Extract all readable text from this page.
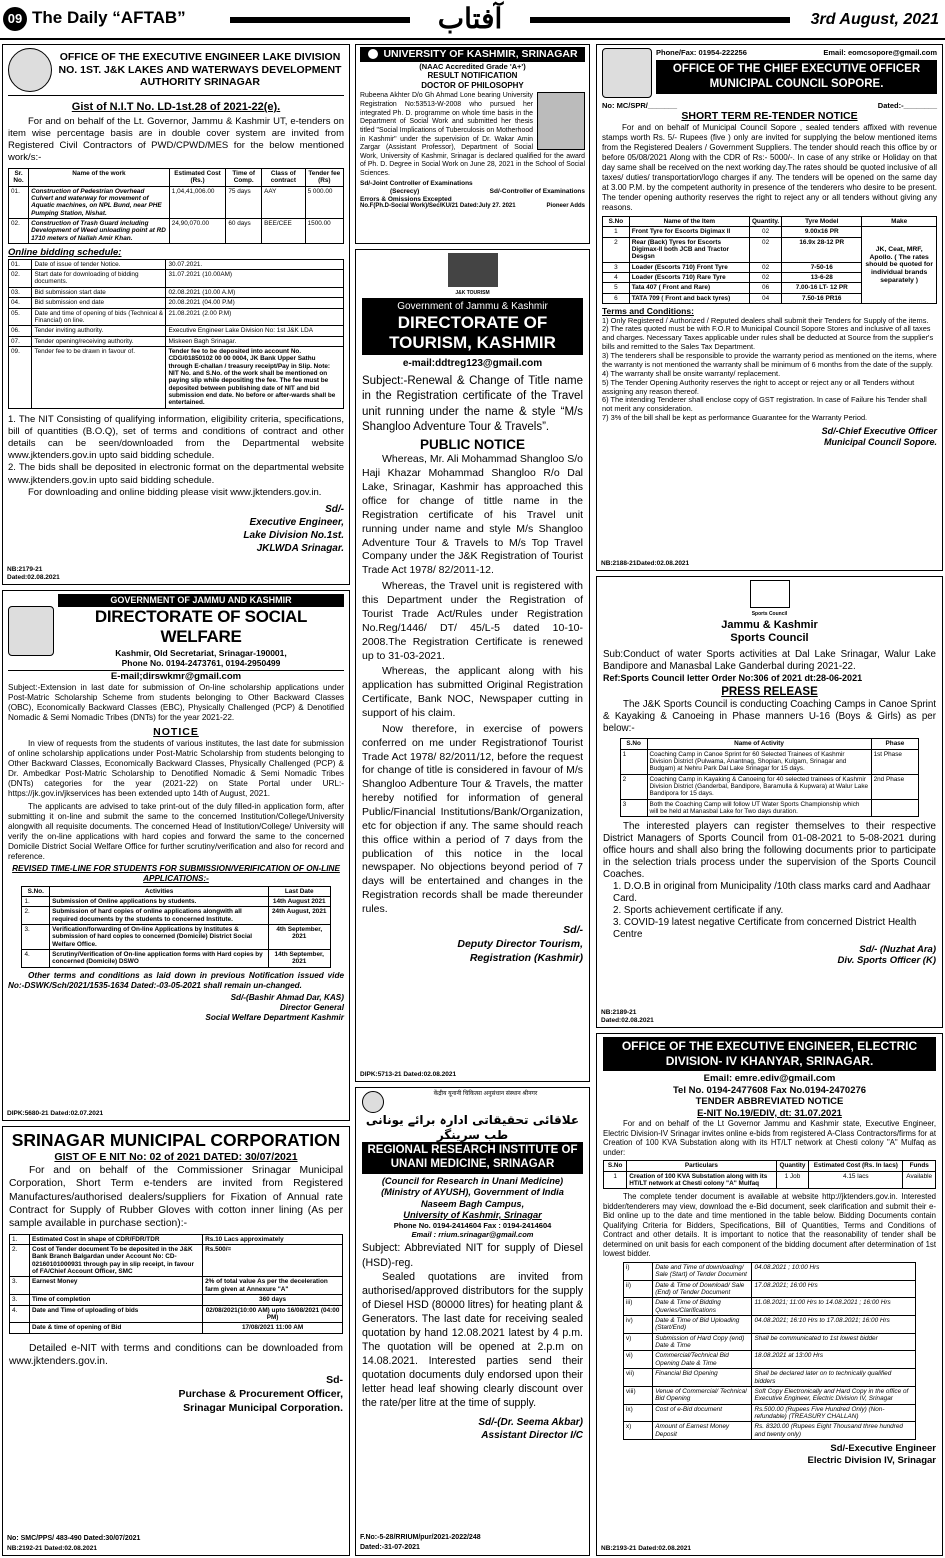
09 The Daily “AFTAB”	آفتاب	3rd August, 2021
OFFICE OF THE EXECUTIVE ENGINEER LAKE DIVISION NO. 1ST. J&K LAKES AND WATERWAYS DEVELOPMENT AUTHORITY SRINAGAR
Gist of N.I.T No. LD-1st.28 of 2021-22(e).
For and on behalf of the Lt. Governor, Jammu & Kashmir UT, e-tenders on item wise percentage basis are in double cover system are invited from Registered Civil Contractors of PWD/CPWD/MES for the below mentioned work/s:-
Sr. No.	Name of the work	Estimated Cost (Rs.)	Time of Comp.	Class of contract	Tender fee (Rs)
01.	Construction of Pedestrian Overhead Culvert and waterway for movement of Aquatic machines, on NPL Bund, near PHE Pumping Station, Nishat.	1,04,41,006.00	75 days	AAY	5 000.00
02.	Construction of Trash Guard including Development of Weed unloading point at RD 1710 meters of Nallah Amir Khan.	24,90,070.00	60 days	BEE/CEE	1500.00
Online bidding schedule:
01.	Date of issue of tender Notice.	30.07.2021.
02.	Start date for downloading of bidding documents.	31.07.2021 (10.00AM)
03.	Bid submission start date	02.08.2021 (10.00 A.M)
04.	Bid submission end date	20.08.2021 (04.00 P.M)
05.	Date and time of opening of bids (Technical & Financial) on line.	21.08.2021 (2.00 P.M)
06.	Tender inviting authority.	Executive Engineer Lake Division No: 1st J&K LDA
07.	Tender opening/receiving authority.	Miskeen Bagh Srinagar.
09.	Tender fee to be drawn in favour of.	Tender fee to be deposited into account No. CDG/01850102 00 00 0004, JK Bank Upper Sathu through E-challan / treasury receipt/Pay in Slip. Note: NIT No. and S.No. of the work shall be mentioned on paying slip while depositing the fee. The fee must be deposited between publishing date of NIT and bid submission end date. No before or after-wards shall be entertained.
1. The NIT Consisting of qualifying information, eligibility criteria, specifications, bill of quantities (B.O.Q), set of terms and conditions of contract and other details can be seen/downloaded from the Departmental website www.jktenders.gov.in upto said bidding schedule.
2. The bids shall be deposited in electronic format on the departmental website www.jktenders.gov.in upto said bidding schedule.
For downloading and online bidding please visit www.jktenders.gov.in.
Sd/-
Executive Engineer,
Lake Division No.1st.
JKLWDA Srinagar.
NB:2179-21
Dated:02.08.2021
UNIVERSITY OF KASHMIR, SRINAGAR
(NAAC Accredited Grade 'A+')
RESULT NOTIFICATION
DOCTOR OF PHILOSOPHY
Rubeena Akhter D/o Gh Ahmad Lone bearing University Registration No:53513-W-2008 who pursued her integrated Ph. D. programme on whole time basis in the Department of Social Work and submitted her thesis titled "Social Implications of Tuberculosis on Motherhood in Kashmir" under the supervision of Dr. Wakar Amin Zargar (Assistant Professor), Department of Social Work, University of Kashmir, Srinagar is declared qualified for the award of Ph. D. Degree in Social Work on June 28, 2021 in the School of Social Sciences.
Sd/-Joint Controller of Examinations
(Secrecy)	Sd/-Controller of Examinations
Errors & Omissions Excepted
No.F(Ph.D-Social Work)/Sec/KU/21 Dated:July 27. 2021	Pioneer Adds
Phone/Fax: 01954-222256	Email: eomcsopore@gmail.com
OFFICE OF THE CHIEF EXECUTIVE OFFICER MUNICIPAL COUNCIL SOPORE.
No: MC/SPR/_______	Dated:-________
SHORT TERM RE-TENDER NOTICE
For and on behalf of Municipal Council Sopore , sealed tenders affixed with revenue stamps worth Rs. 5/- Rupees (five ) only are invited for supplying the below mentioned items from the Registered Dealers / Government Suppliers. The tender should reach this office by or before 05/08/2021 Along with the CDR of Rs:- 5000/-. In case of any strike or Holiday on that day same shall be received on the next working day.The rates should be quoted inclusive of all taxes/ duties/ transportation/logo charges if any. The tenders will be opened on the same day at 3.00 P.M. by the competent authority in presence of the tenderers who desire to be present. The tender opening authority reserves the right to reject any or all tenders without giving any reasons.
S.No	Name of the Item	Quantity.	Tyre Model	Make
1	Front Tyre for Escorts Digimax II	02	9.00x16 PR	JK, Ceat, MRF, Apollo. ( The rates should be quoted for individual brands separately )
2	Rear (Back) Tyres for Escorts Digimax-II both JCB and Tractor Desgsn	02	16.9x 28-12 PR	
3	Loader (Escorts 710) Front Tyre	02	7-50-16	
4	Loader (Escorts 710) Rare Tyre	02	13-6-28	
5	Tata 407 ( Front and Rare)	06	7.00-16 LT- 12 PR	
6	TATA 709 ( Front and back tyres)	04	7.50-16 PR16	
Terms and Conditions:
1) Only Registered / Authorized / Reputed dealers shall submit their Tenders for Supply of the items.
2) The rates quoted must be with F.O.R to Municipal Council Sopore Stores and inclusive of all taxes and charges. Necessary Taxes applicable under rules shall be deducted at Source from the supplier's bills and remitted to the Sales Tax Department.
3) The tenderers shall be responsible to provide the warranty period as mentioned on the items, where the warranty is not mentioned the warranty shall be minimum of 6 months from the date of the supply.
4) The warranty shall be onsite warranty/ replacement.
5) The Tender Opening Authority reserves the right to accept or reject any or all Tenders without assigning any reason thereof.
6) The intending Tenderer shall enclose copy of GST registration. In case of Failure his Tender shall not merit any consideration.
7) 3% of the bill shall be kept as performance Guarantee for the Warranty Period.
Sd/-Chief Executive Officer
Municipal Council Sopore.
NB:2188-21Dated:02.08.2021
J&K TOURISM
Government of Jammu & Kashmir
DIRECTORATE OF TOURISM, KASHMIR
e-mail:ddtreg123@gmail.com
Subject:-Renewal & Change of Title name in the Registration certificate of the Travel unit running under the name & style “M/s Shangloo Adventure Tour & Travels”.
PUBLIC NOTICE
Whereas, Mr. Ali Mohammad Shangloo S/o Haji Khazar Mohammad Shangloo R/o Dal Lake, Srinagar, Kashmir has approached this office for change of tittle name in the Registration certificate of his Travel unit running under name and style M/s Shangloo Adventure Tour & Travels to M/s Top Travel Company under the J&K Registration of Tourist Trade Act 1978/ 82/2011-12.
Whereas, the Travel unit is registered with this Department under the Registration of Tourist Trade Act/Rules under Registration No.Reg/1446/ DT/ 45/L-5 dated 10-10-2008.The Registration Certificate is renewed up to 31-03-2021.
Whereas, the applicant along with his application has submitted Original Registration Certificate, Bank NOC, Newspaper cutting in support of his claim.
Now therefore, in exercise of powers conferred on me under Registrationof Tourist Trade Act 1978/ 82/2011/12, before the request for change of title is considered in favour of M/s Shangloo Adbenture Tour & Travels, the matter hereby notified for information of general Public/Financial Institutions/Bank/Organization, etc for objection if any. The same should reach this office within a period of 7 days from the publication of this notice in the local newspaper. No objections beyond period of 7 days will be entertained and changes in the Registration records shall be made thereunder rules.
Sd/-
Deputy Director Tourism,
Registration (Kashmir)
DIPK:5713-21 Dated:02.08.2021
GOVERNMENT OF JAMMU AND KASHMIR
DIRECTORATE OF SOCIAL WELFARE
Kashmir, Old Secretariat, Srinagar-190001,
Phone No. 0194-2473761, 0194-2950499
E-mail;dirswkmr@gmail.com
Subject:-Extension in last date for submission of On-line scholarship applications under Post-Matric Scholarship Scheme from students belonging to Other Backward Classes (OBC), Economically Backward Classes (EBC), Physically Challenged (PCP) & Denotified Nomadic & Semi Nomadic Tribes (DNTs) for the year 2021-22.
NOTICE
In view of requests from the students of various institutes, the last date for submission of online scholarship applications under Post-Matric Scholarship from students belonging to Other Backward Classes, Economically Backward Classes, Physically Challenged (PCP) & Dr. Ambedkar Post-Matric Scholarship to Denotified Nomadic & Semi Nomadic Tribes (DNTs) categories for the year (2021-22) on State Portal under URL:- https://jk.gov.in/jkservices has been extended upto 14th of August, 2021.
The applicants are advised to take print-out of the duly filled-in application form, after submitting it on-line and submit the same to the concerned Institution/College/University alongwith all requisite documents. The concerned Head of Institution/College/ University will verify the on-line applications with hard copies and forward the same to the concerned Domicile District Social Welfare Office for further scrutiny/verification and also for record and reference.
REVISED TIME-LINE FOR STUDENTS FOR SUBMISSION/VERIFICATION OF ON-LINE APPLICATIONS:-
S.No.	Activities	Last Date
1.	Submission of Online applications by students.	14th August 2021
2.	Submission of hard copies of online applications alongwith all required documents by the students to concerned Institute.	24th August, 2021
3.	Verification/forwarding of On-line Applications by Institutes & submission of hard copies to concerned (Domicile) District Social Welfare Office.	4th September, 2021
4.	Scrutiny/Verification of On-line application forms with Hard copies by concerned (Domicile) DSWO	14th September, 2021
Other terms and conditions as laid down in previous Notification issued vide No:-DSWK/Sch/2021/1535-1634 Dated:-03-05-2021 shall remain un-changed.
Sd/-(Bashir Ahmad Dar, KAS)
Director General
Social Welfare Department Kashmir
DIPK:5680-21 Dated:02.07.2021
Sports Council
Jammu & Kashmir
Sports Council
Sub:Conduct of water Sports activities at Dal Lake Srinagar, Walur Lake Bandipore and Manasbal Lake Ganderbal during 2021-22.
Ref:Sports Council letter Order No:306 of 2021 dt:28-06-2021
PRESS RELEASE
The J&K Sports Council is conducting Coaching Camps in Canoe Sprint & Kayaking & Canoeing in Phase manners U-16 (Boys & Girls) as per below:-
S.No	Name of Activity	Phase
1	Coaching Camp in Canoe Sprint for 60 Selected Trainees of Kashmir Division District (Pulwama, Anantnag, Shopian, Kulgam, Srinagar and Budgam) at Nehru Park Dal Lake Srinagar for 15 days.	1st Phase
2	Coaching Camp in Kayaking & Canoeing for 40 selected trainees of Kashmir Division District (Ganderbal, Bandipore, Baramulla & Kupwara) at Walur Lake Bandipora for 15 days.	2nd Phase
3	Both the Coaching Camp will follow UT Water Sports Championship which will be held at Manasbal Lake for Two days duration.	
The interested players can register themselves to their respective District Managers of Sports Council from 01-08-2021 to 5-08-2021 during office hours and shall also bring the following documents prior to participate in the selection trials process under the supervision of the Sports Council Coaches.
1. D.O.B in original from Municipality /10th class marks card and Aadhaar Card.
2. Sports achievement certificate if any.
3. COVID-19 latest negative Certificate from concerned District Health Centre
Sd/- (Nuzhat Ara)
Div. Sports Officer (K)
NB:2189-21
Dated:02.08.2021
OFFICE OF THE EXECUTIVE ENGINEER, ELECTRIC DIVISION- IV KHANYAR, SRINAGAR.
Email: emre.ediv@gmail.com
Tel No. 0194-2477608 Fax No.0194-2470276
TENDER ABBREVIATED NOTICE
E-NIT No.19/EDIV, dt: 31.07.2021
For and on behalf of the Lt Governor Jammu and Kashmir state, Executive Engineer, Electric Division-IV Srinagar invites online e-bids from registered A-Class Contractors/firms for at Creation of 100 KVA Substation along with its HT/LT network at Chesti colony "A" Mulfaq as under:
S.No	Particulars	Quantity	Estimated Cost (Rs. In lacs)	Funds
1	Creation of 100 KVA Substation along with its HT/LT network at Chesti colony "A" Mulfaq	1 Job	4.15 lacs	Available
The complete tender document is available at website http://jktenders.gov.in. Interested bidder/tenderers may view, download the e-Bid document, seek clarification and submit their e-Bid online up to the date and time mentioned in the table below. Bidding Documents contain Qualifying Criteria for Bidders, Specifications, Bill of Quantities, Terms and Conditions of Contract and other details. It is important to notice that the reasonability of tender shall be determined on unit basis for each component of the bidding document after determination of 1st lowest bidder.
i)	Date and Time of downloading/ Sale (Start) of Tender Document	04.08.2021 ; 10:00 Hrs
ii)	Date & Time of Download/ Sale (End) of Tender Document	17.08.2021; 16:00 Hrs
iii)	Date & Time of Bidding Queries/Clarifications	11.08.2021; 11:00 Hrs to 14.08.2021 ; 16:00 Hrs
iv)	Date & Time of Bid Uploading (Start/End)	04.08.2021; 16:10 Hrs to 17.08.2021; 16:00 Hrs
v)	Submission of Hard Copy (end) Date & Time	Shall be communicated to 1st lowest bidder
vi)	Commercial/Technical Bid Opening Date & Time	18.08.2021 at 13:00 Hrs
vii)	Financial Bid Opening	Shall be declared later on to technically qualified bidders
viii)	Venue of Commercial/ Technical Bid Opening	Soft Copy Electronically and Hard Copy in the office of Executive Engineer, Electric Division IV, Srinagar
ix)	Cost of e-Bid document	Rs.500.00 (Rupees Five Hundred Only) (Non-refundable) (TREASURY CHALLAN)
x)	Amount of Earnest Money Deposit	Rs. 8320.00 (Rupees Eight Thousand three hundred and twenty only)
Sd/-Executive Engineer
Electric Division IV, Srinagar
NB:2193-21 Dated:02.08.2021
SRINAGAR MUNICIPAL CORPORATION
GIST OF E NIT No: 02 of 2021 DATED: 30/07/2021
For and on behalf of the Commissioner Srinagar Municipal Corporation, Short Term e-tenders are invited from Registered Manufactures/authorised dealers/suppliers for Fixation of Annual rate Contract for Supply of Rubber Gloves with cotton inner lining (As per sample available in purchase section):-
1.	Estimated Cost in shape of CDR/FDR/TDR	Rs.10 Lacs approximately
2.	Cost of Tender document To be deposited in the J&K Bank Branch Balgardan under Account No: CD-02160101000931 through pay in slip receipt, in favour of FA/Chief Account Officer, SMC	Rs.500/=
3.	Earnest Money	2% of total value As per the deceleration farm given at Annexure "A"
3.	Time of completion	360 days
4.	Date and Time of uploading of bids	02/08/2021(10:00 AM) upto 16/08/2021 (04:00 PM)
	Date & time of opening of Bid	17/08/2021 11:00 AM
Detailed e-NIT with terms and conditions can be downloaded from www.jktenders.gov.in.
Sd-
Purchase & Procurement Officer,
Srinagar Municipal Corporation.
No: SMC/PPS/ 483-490 Dated:30/07/2021
NB:2192-21 Dated:02.08.2021
केंद्रीय यूनानी चिकित्सा अनुसंधान संस्थान श्रीनगर
علاقائی تحقیقاتی ادارہ برائے یونانی طب سرینگر
REGIONAL RESEARCH INSTITUTE OF UNANI MEDICINE, SRINAGAR
(Council for Research in Unani Medicine)
(Ministry of AYUSH), Government of India
Naseem Bagh Campus,
University of Kashmir, Srinagar
Phone No. 0194-2414604 Fax : 0194-2414604
Email : rrium.srinagar@gmail.com
Subject: Abbreviated NIT for supply of Diesel (HSD)-reg.
Sealed quotations are invited from authorised/approved distributors for the supply of Diesel HSD (80000 litres) for heating plant & Generators. The last date for receiving sealed quotation by hand 12.08.2021 latest by 4 p.m. The quotation will be opened at 2.p.m on 14.08.2021. Interested parties send their quotation documents duly endorsed upon their letter head leaf showing clearly discount over the rate/per litre at the time of supply.
Sd/-(Dr. Seema Akbar)
Assistant Director I/C
F.No:-5-28/RRIUM/pur/2021-2022/248
Dated:-31-07-2021
